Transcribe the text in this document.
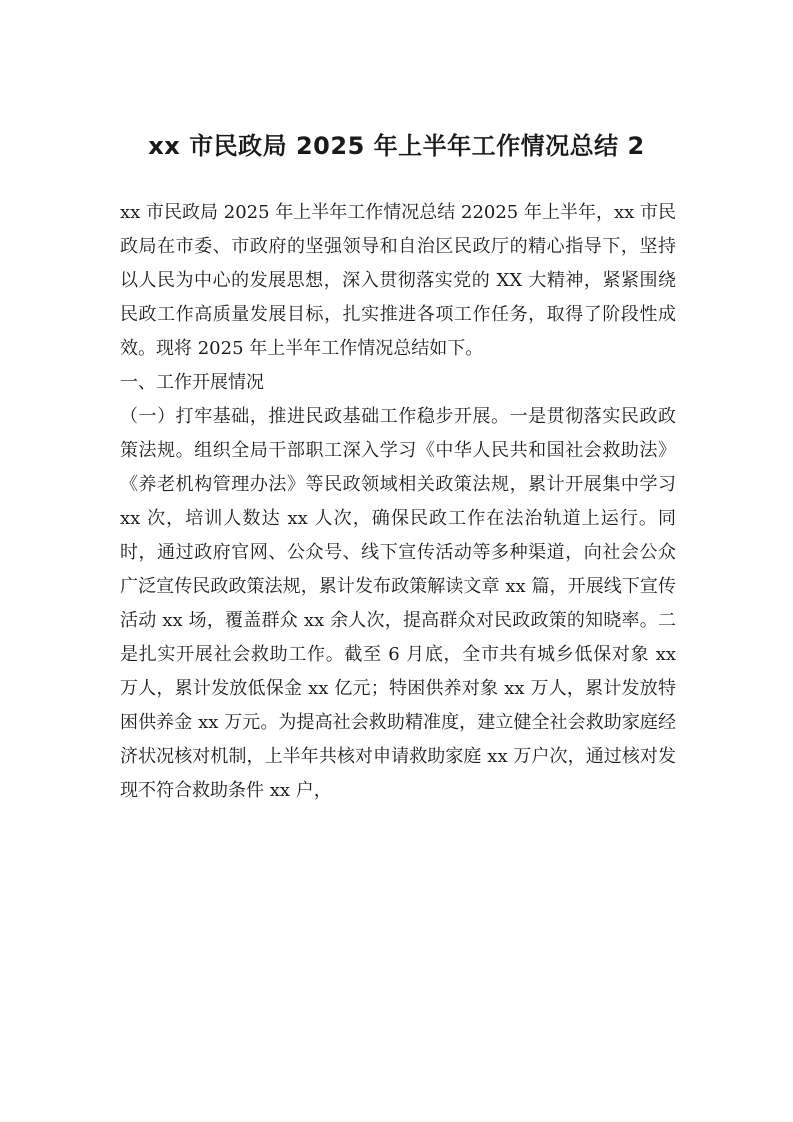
xx 市民政局 2025 年上半年工作情况总结 2

xx 市民政局 2025 年上半年工作情况总结 22025 年上半年，xx 市民政局在市委、市政府的坚强领导和自治区民政厅的精心指导下，坚持以人民为中心的发展思想，深入贯彻落实党的 XX 大精神，紧紧围绕民政工作高质量发展目标，扎实推进各项工作任务，取得了阶段性成效。现将 2025 年上半年工作情况总结如下。

一、工作开展情况

（一）打牢基础，推进民政基础工作稳步开展。一是贯彻落实民政政策法规。组织全局干部职工深入学习《中华人民共和国社会救助法》《养老机构管理办法》等民政领域相关政策法规，累计开展集中学习 xx 次，培训人数达 xx 人次，确保民政工作在法治轨道上运行。同时，通过政府官网、公众号、线下宣传活动等多种渠道，向社会公众广泛宣传民政政策法规，累计发布政策解读文章 xx 篇，开展线下宣传活动 xx 场，覆盖群众 xx 余人次，提高群众对民政政策的知晓率。二是扎实开展社会救助工作。截至 6 月底，全市共有城乡低保对象 xx 万人，累计发放低保金 xx 亿元；特困供养对象 xx 万人，累计发放特困供养金 xx 万元。为提高社会救助精准度，建立健全社会救助家庭经济状况核对机制，上半年共核对申请救助家庭 xx 万户次，通过核对发现不符合救助条件 xx 户，
